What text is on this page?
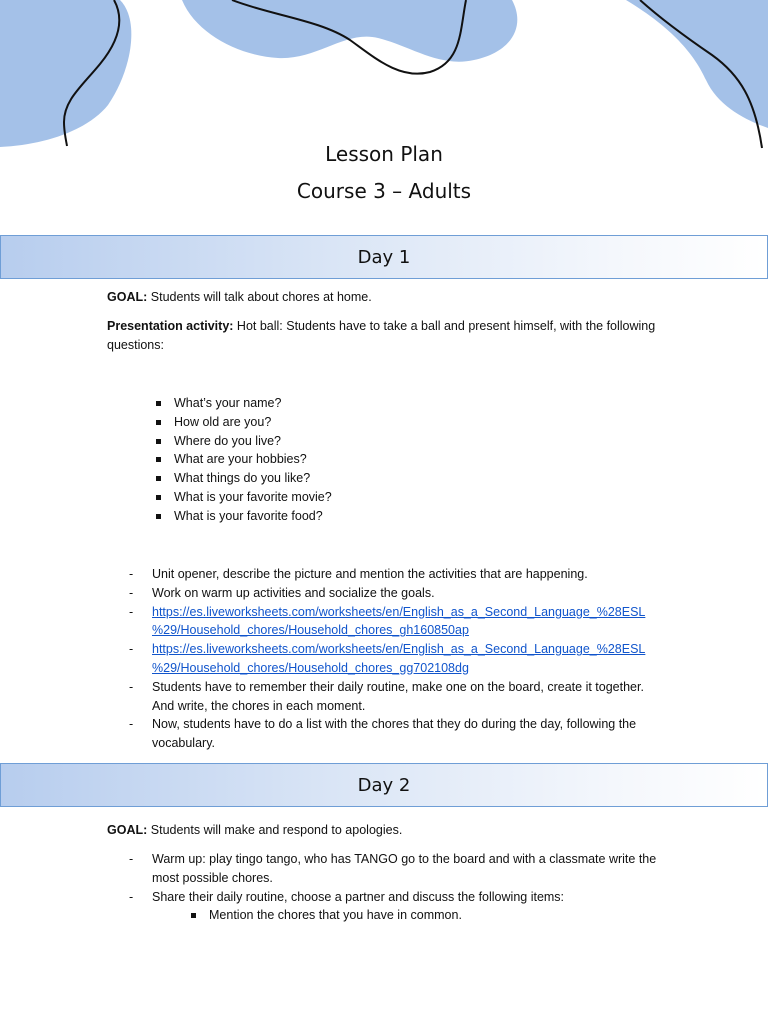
Lesson Plan
Course 3 – Adults
Day 1
GOAL: Students will talk about chores at home.
Presentation activity: Hot ball: Students have to take a ball and present himself, with the following questions:
What’s your name?
How old are you?
Where do you live?
What are your hobbies?
What things do you like?
What is your favorite movie?
What is your favorite food?
- Unit opener, describe the picture and mention the activities that are happening.
- Work on warm up activities and socialize the goals.
- https://es.liveworksheets.com/worksheets/en/English_as_a_Second_Language_%28ESL %29/Household_chores/Household_chores_gh160850ap
- https://es.liveworksheets.com/worksheets/en/English_as_a_Second_Language_%28ESL %29/Household_chores/Household_chores_gg702108dg
- Students have to remember their daily routine, make one on the board, create it together. And write, the chores in each moment.
- Now, students have to do a list with the chores that they do during the day, following the vocabulary.
Day 2
GOAL: Students will make and respond to apologies.
- Warm up: play tingo tango, who has TANGO go to the board and with a classmate write the most possible chores.
- Share their daily routine, choose a partner and discuss the following items:
Mention the chores that you have in common.
